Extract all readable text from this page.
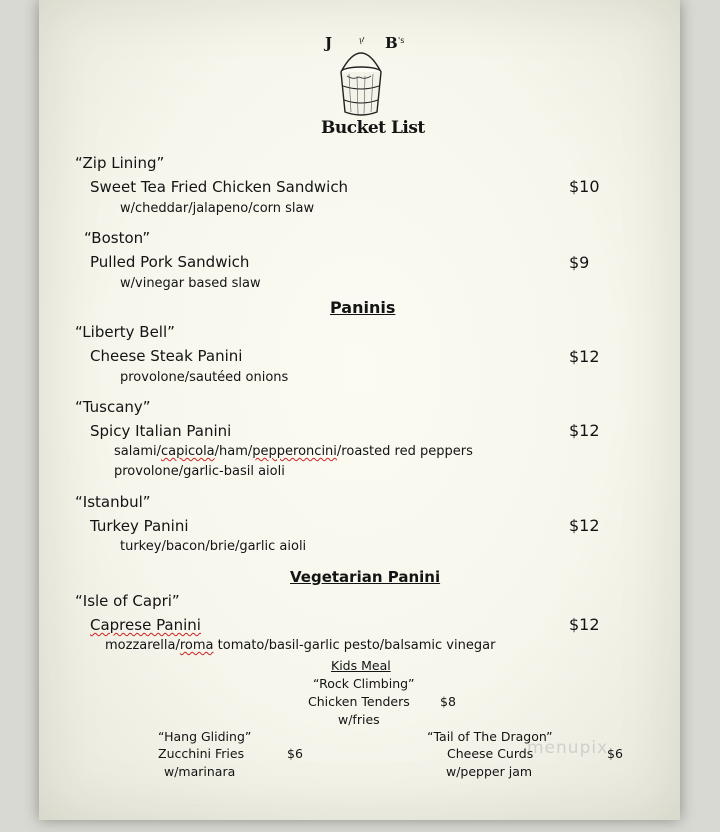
J	B 's
Bucket List
“Zip Lining”
Sweet Tea Fried Chicken Sandwich	$10
w/cheddar/jalapeno/corn slaw
“Boston”
Pulled Pork Sandwich	$9
w/vinegar based slaw
Paninis
“Liberty Bell”
Cheese Steak Panini	$12
provolone/sautéed onions
“Tuscany”
Spicy Italian Panini	$12
salami/capicola/ham/pepperoncini/roasted red peppers
provolone/garlic-basil aioli
“Istanbul”
Turkey Panini	$12
turkey/bacon/brie/garlic aioli
Vegetarian Panini
“Isle of Capri”
Caprese Panini	$12
mozzarella/roma tomato/basil-garlic pesto/balsamic vinegar
Kids Meal
“Rock Climbing”
Chicken Tenders $8
w/fries
“Hang Gliding”
Zucchini Fries	$6
w/marinara
“Tail of The Dragon”
Cheese Curds	$6
w/pepper jam
menupix
